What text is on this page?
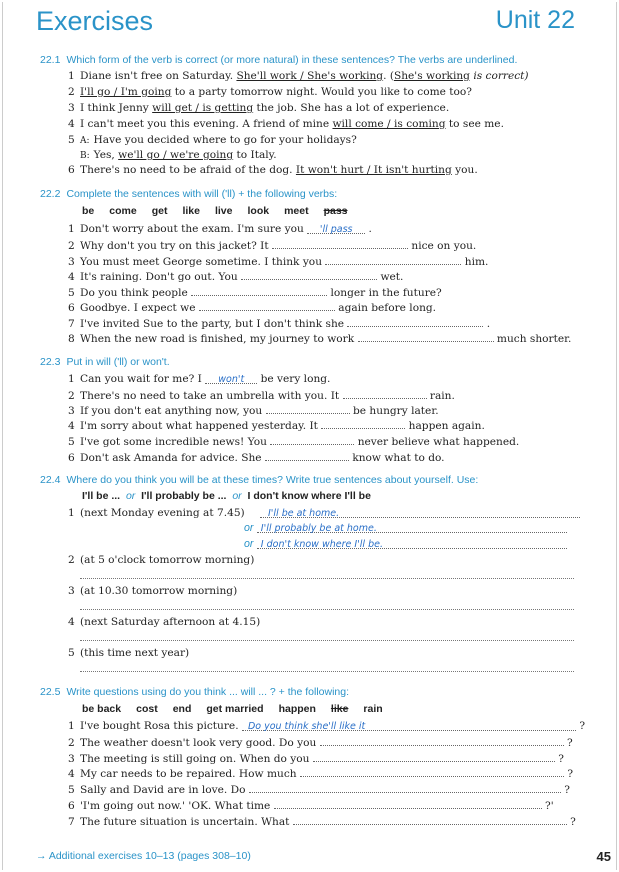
Exercises	Unit 22
22.1 Which form of the verb is correct (or more natural) in these sentences? The verbs are underlined.
1 Diane isn't free on Saturday. She'll work / She's working. (She's working is correct)
2 I'll go / I'm going to a party tomorrow night. Would you like to come too?
3 I think Jenny will get / is getting the job. She has a lot of experience.
4 I can't meet you this evening. A friend of mine will come / is coming to see me.
5 A: Have you decided where to go for your holidays?
B: Yes, we'll go / we're going to Italy.
6 There's no need to be afraid of the dog. It won't hurt / It isn't hurting you.
22.2 Complete the sentences with will ('ll) + the following verbs:
be come get like live look meet pass
1 Don't worry about the exam. I'm sure you 'll pass .
2 Why don't you try on this jacket? It	nice on you.
3 You must meet George sometime. I think you	him.
4 It's raining. Don't go out. You	wet.
5 Do you think people	longer in the future?
6 Goodbye. I expect we	again before long.
7 I've invited Sue to the party, but I don't think she	.
8 When the new road is finished, my journey to work	much shorter.
22.3 Put in will ('ll) or won't.
1 Can you wait for me? I won't be very long.
2 There's no need to take an umbrella with you. It	rain.
3 If you don't eat anything now, you	be hungry later.
4 I'm sorry about what happened yesterday. It	happen again.
5 I've got some incredible news! You	never believe what happened.
6 Don't ask Amanda for advice. She	know what to do.
22.4 Where do you think you will be at these times? Write true sentences about yourself. Use:
I'll be ... or I'll probably be ... or I don't know where I'll be
1 (next Monday evening at 7.45)	I'll be at home.
or I'll probably be at home.
or I don't know where I'll be.
2 (at 5 o'clock tomorrow morning)
3 (at 10.30 tomorrow morning)
4 (next Saturday afternoon at 4.15)
5 (this time next year)
22.5 Write questions using do you think ... will ... ? + the following:
be back cost end get married happen like rain
1 I've bought Rosa this picture. Do you think she'll like it	?
2 The weather doesn't look very good. Do you	?
3 The meeting is still going on. When do you	?
4 My car needs to be repaired. How much	?
5 Sally and David are in love. Do	?
6 'I'm going out now.' 'OK. What time	?'
7 The future situation is uncertain. What	?
→ Additional exercises 10–13 (pages 308–10)	45
